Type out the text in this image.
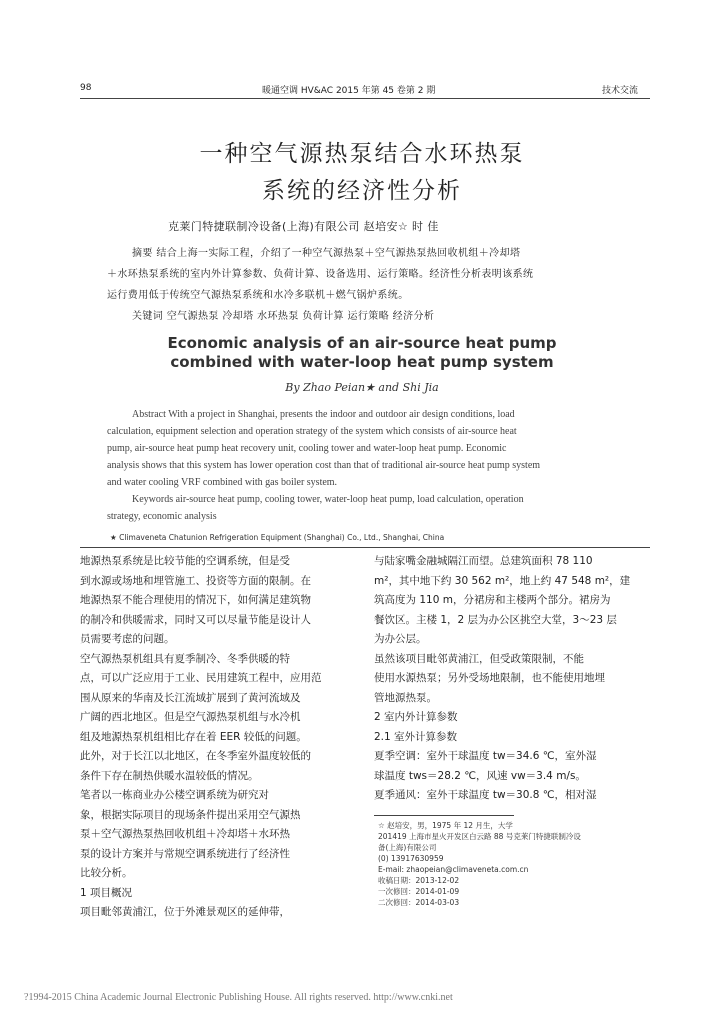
98	暖通空调 HV&AC 2015 年第 45 卷第 2 期	技术交流
一种空气源热泵结合水环热泵
系统的经济性分析
克莱门特捷联制冷设备(上海)有限公司 赵培安☆ 时 佳
摘要 结合上海一实际工程，介绍了一种空气源热泵＋空气源热泵热回收机组＋冷却塔
＋水环热泵系统的室内外计算参数、负荷计算、设备选用、运行策略。经济性分析表明该系统
运行费用低于传统空气源热泵系统和水冷多联机＋燃气锅炉系统。
关键词 空气源热泵 冷却塔 水环热泵 负荷计算 运行策略 经济分析
Economic analysis of an air-source heat pump
combined with water-loop heat pump system
By Zhao Peian★ and Shi Jia
Abstract With a project in Shanghai, presents the indoor and outdoor air design conditions, load
calculation, equipment selection and operation strategy of the system which consists of air-source heat
pump, air-source heat pump heat recovery unit, cooling tower and water-loop heat pump. Economic
analysis shows that this system has lower operation cost than that of traditional air-source heat pump system
and water cooling VRF combined with gas boiler system.
Keywords air-source heat pump, cooling tower, water-loop heat pump, load calculation, operation
strategy, economic analysis
★ Climaveneta Chatunion Refrigeration Equipment (Shanghai) Co., Ltd., Shanghai, China

地源热泵系统是比较节能的空调系统，但是受

到水源或场地和埋管施工、投资等方面的限制。在

地源热泵不能合理使用的情况下，如何满足建筑物

的制冷和供暖需求，同时又可以尽量节能是设计人

员需要考虑的问题。

空气源热泵机组具有夏季制冷、冬季供暖的特

点，可以广泛应用于工业、民用建筑工程中，应用范

围从原来的华南及长江流域扩展到了黄河流域及

广阔的西北地区。但是空气源热泵机组与水冷机

组及地源热泵机组相比存在着 EER 较低的问题。

此外，对于长江以北地区，在冬季室外温度较低的

条件下存在制热供暖水温较低的情况。

笔者以一栋商业办公楼空调系统为研究对

象，根据实际项目的现场条件提出采用空气源热

泵＋空气源热泵热回收机组＋冷却塔＋水环热

泵的设计方案并与常规空调系统进行了经济性

比较分析。

1 项目概况

项目毗邻黄浦江，位于外滩景观区的延伸带，

与陆家嘴金融城隔江而望。总建筑面积 78 110

m²，其中地下约 30 562 m²，地上约 47 548 m²，建

筑高度为 110 m，分裙房和主楼两个部分。裙房为

餐饮区。主楼 1，2 层为办公区挑空大堂，3～23 层

为办公层。

虽然该项目毗邻黄浦江，但受政策限制，不能

使用水源热泵；另外受场地限制，也不能使用地埋

管地源热泵。

2 室内外计算参数

2.1 室外计算参数

夏季空调：室外干球温度 tw＝34.6 ℃，室外湿

球温度 tws＝28.2 ℃，风速 vw＝3.4 m/s。

夏季通风：室外干球温度 tw＝30.8 ℃，相对湿

☆ 赵培安，男，1975 年 12 月生，大学
201419 上海市星火开发区白云路 88 号克莱门特捷联制冷设
备(上海)有限公司
(0) 13917630959
E-mail: zhaopeian@climaveneta.com.cn
收稿日期：2013-12-02
一次修回：2014-01-09
二次修回：2014-03-03
?1994-2015 China Academic Journal Electronic Publishing House. All rights reserved. http://www.cnki.net
